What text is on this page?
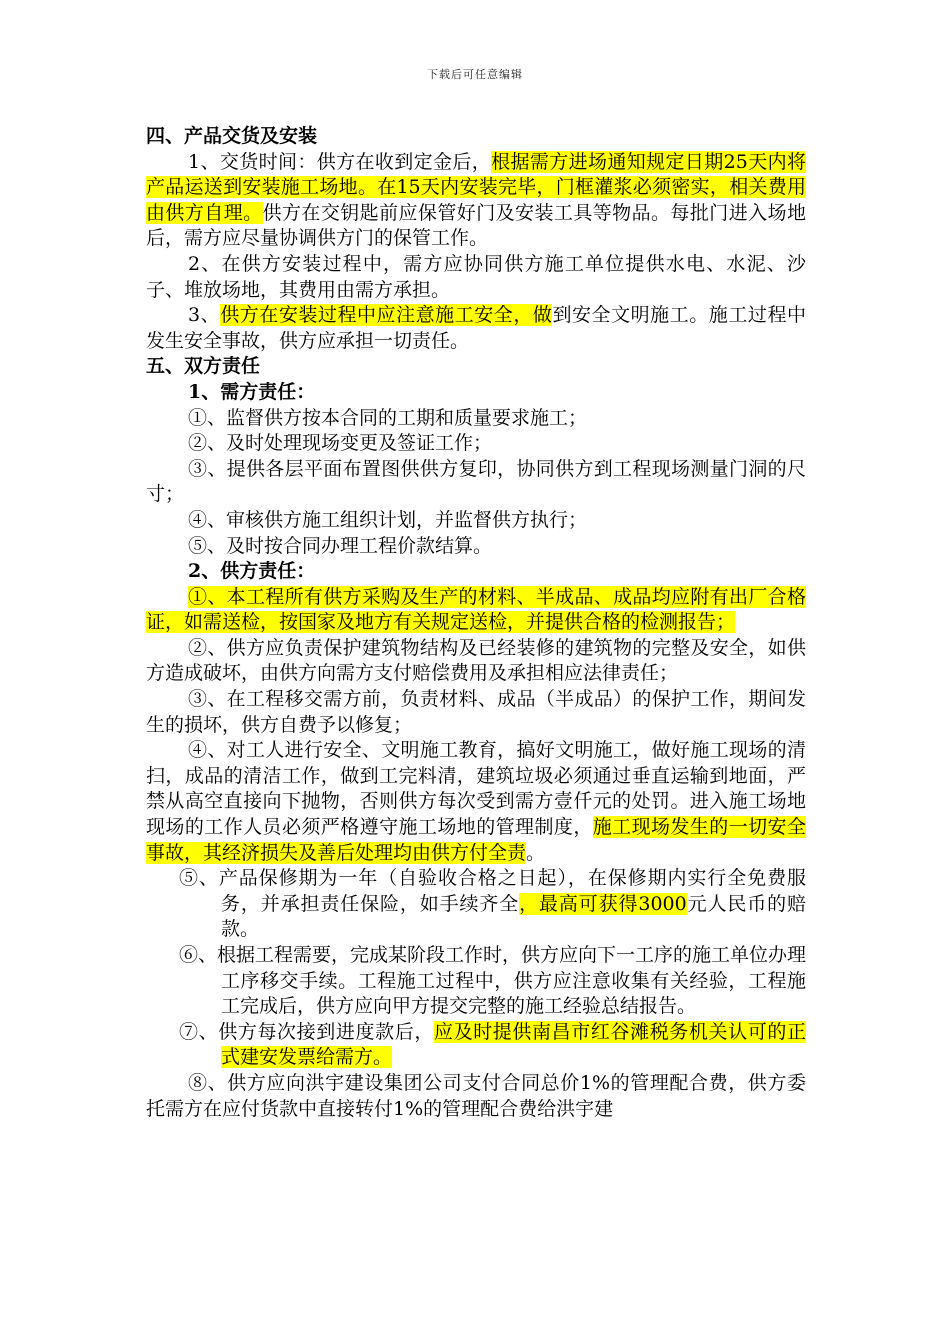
下载后可任意编辑

四、产品交货及安装

1、交货时间：供方在收到定金后，根据需方进场通知规定日期25天内将产品运送到安装施工场地。在15天内安装完毕，门框灌浆必须密实，相关费用由供方自理。供方在交钥匙前应保管好门及安装工具等物品。每批门进入场地后，需方应尽量协调供方门的保管工作。

2、在供方安装过程中，需方应协同供方施工单位提供水电、水泥、沙子、堆放场地，其费用由需方承担。

3、供方在安装过程中应注意施工安全，做到安全文明施工。施工过程中发生安全事故，供方应承担一切责任。

五、双方责任

1、需方责任：

①、监督供方按本合同的工期和质量要求施工；

②、及时处理现场变更及签证工作；

③、提供各层平面布置图供供方复印，协同供方到工程现场测量门洞的尺寸；

④、审核供方施工组织计划，并监督供方执行；

⑤、及时按合同办理工程价款结算。

2、供方责任：

①、本工程所有供方采购及生产的材料、半成品、成品均应附有出厂合格证，如需送检，按国家及地方有关规定送检，并提供合格的检测报告；

②、供方应负责保护建筑物结构及已经装修的建筑物的完整及安全，如供方造成破坏，由供方向需方支付赔偿费用及承担相应法律责任；

③、在工程移交需方前，负责材料、成品（半成品）的保护工作，期间发生的损坏，供方自费予以修复；

④、对工人进行安全、文明施工教育，搞好文明施工，做好施工现场的清扫，成品的清洁工作，做到工完料清，建筑垃圾必须通过垂直运输到地面，严禁从高空直接向下抛物，否则供方每次受到需方壹仟元的处罚。进入施工场地现场的工作人员必须严格遵守施工场地的管理制度，施工现场发生的一切安全事故，其经济损失及善后处理均由供方付全责。

⑤、产品保修期为一年（自验收合格之日起），在保修期内实行全免费服务，并承担责任保险，如手续齐全，最高可获得3000元人民币的赔款。

⑥、根据工程需要，完成某阶段工作时，供方应向下一工序的施工单位办理工序移交手续。工程施工过程中，供方应注意收集有关经验，工程施工完成后，供方应向甲方提交完整的施工经验总结报告。

⑦、供方每次接到进度款后，应及时提供南昌市红谷滩税务机关认可的正式建安发票给需方。

⑧、供方应向洪宇建设集团公司支付合同总价1%的管理配合费，供方委托需方在应付货款中直接转付1%的管理配合费给洪宇建
